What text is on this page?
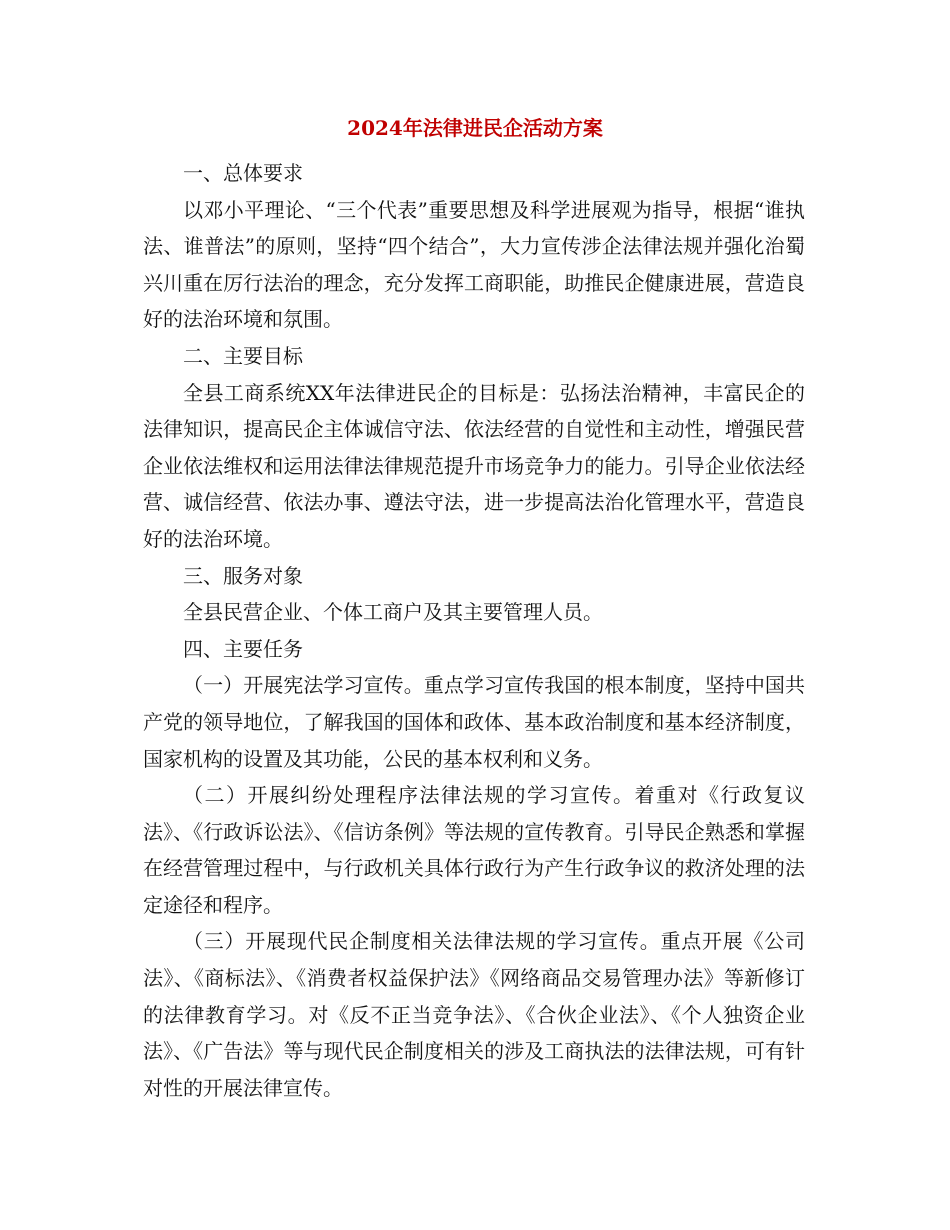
2024年法律进民企活动方案

一、总体要求

以邓小平理论、“三个代表”重要思想及科学进展观为指导，根据“谁执法、谁普法”的原则，坚持“四个结合”，大力宣传涉企法律法规并强化治蜀兴川重在厉行法治的理念，充分发挥工商职能，助推民企健康进展，营造良好的法治环境和氛围。

二、主要目标

全县工商系统XX年法律进民企的目标是：弘扬法治精神，丰富民企的法律知识，提高民企主体诚信守法、依法经营的自觉性和主动性，增强民营企业依法维权和运用法律法律规范提升市场竞争力的能力。引导企业依法经营、诚信经营、依法办事、遵法守法，进一步提高法治化管理水平，营造良好的法治环境。

三、服务对象

全县民营企业、个体工商户及其主要管理人员。

四、主要任务

（一）开展宪法学习宣传。重点学习宣传我国的根本制度，坚持中国共产党的领导地位，了解我国的国体和政体、基本政治制度和基本经济制度，国家机构的设置及其功能，公民的基本权利和义务。

（二）开展纠纷处理程序法律法规的学习宣传。着重对《行政复议法》、《行政诉讼法》、《信访条例》等法规的宣传教育。引导民企熟悉和掌握在经营管理过程中，与行政机关具体行政行为产生行政争议的救济处理的法定途径和程序。

（三）开展现代民企制度相关法律法规的学习宣传。重点开展《公司法》、《商标法》、《消费者权益保护法》《网络商品交易管理办法》等新修订的法律教育学习。对《反不正当竞争法》、《合伙企业法》、《个人独资企业法》、《广告法》等与现代民企制度相关的涉及工商执法的法律法规，可有针对性的开展法律宣传。
